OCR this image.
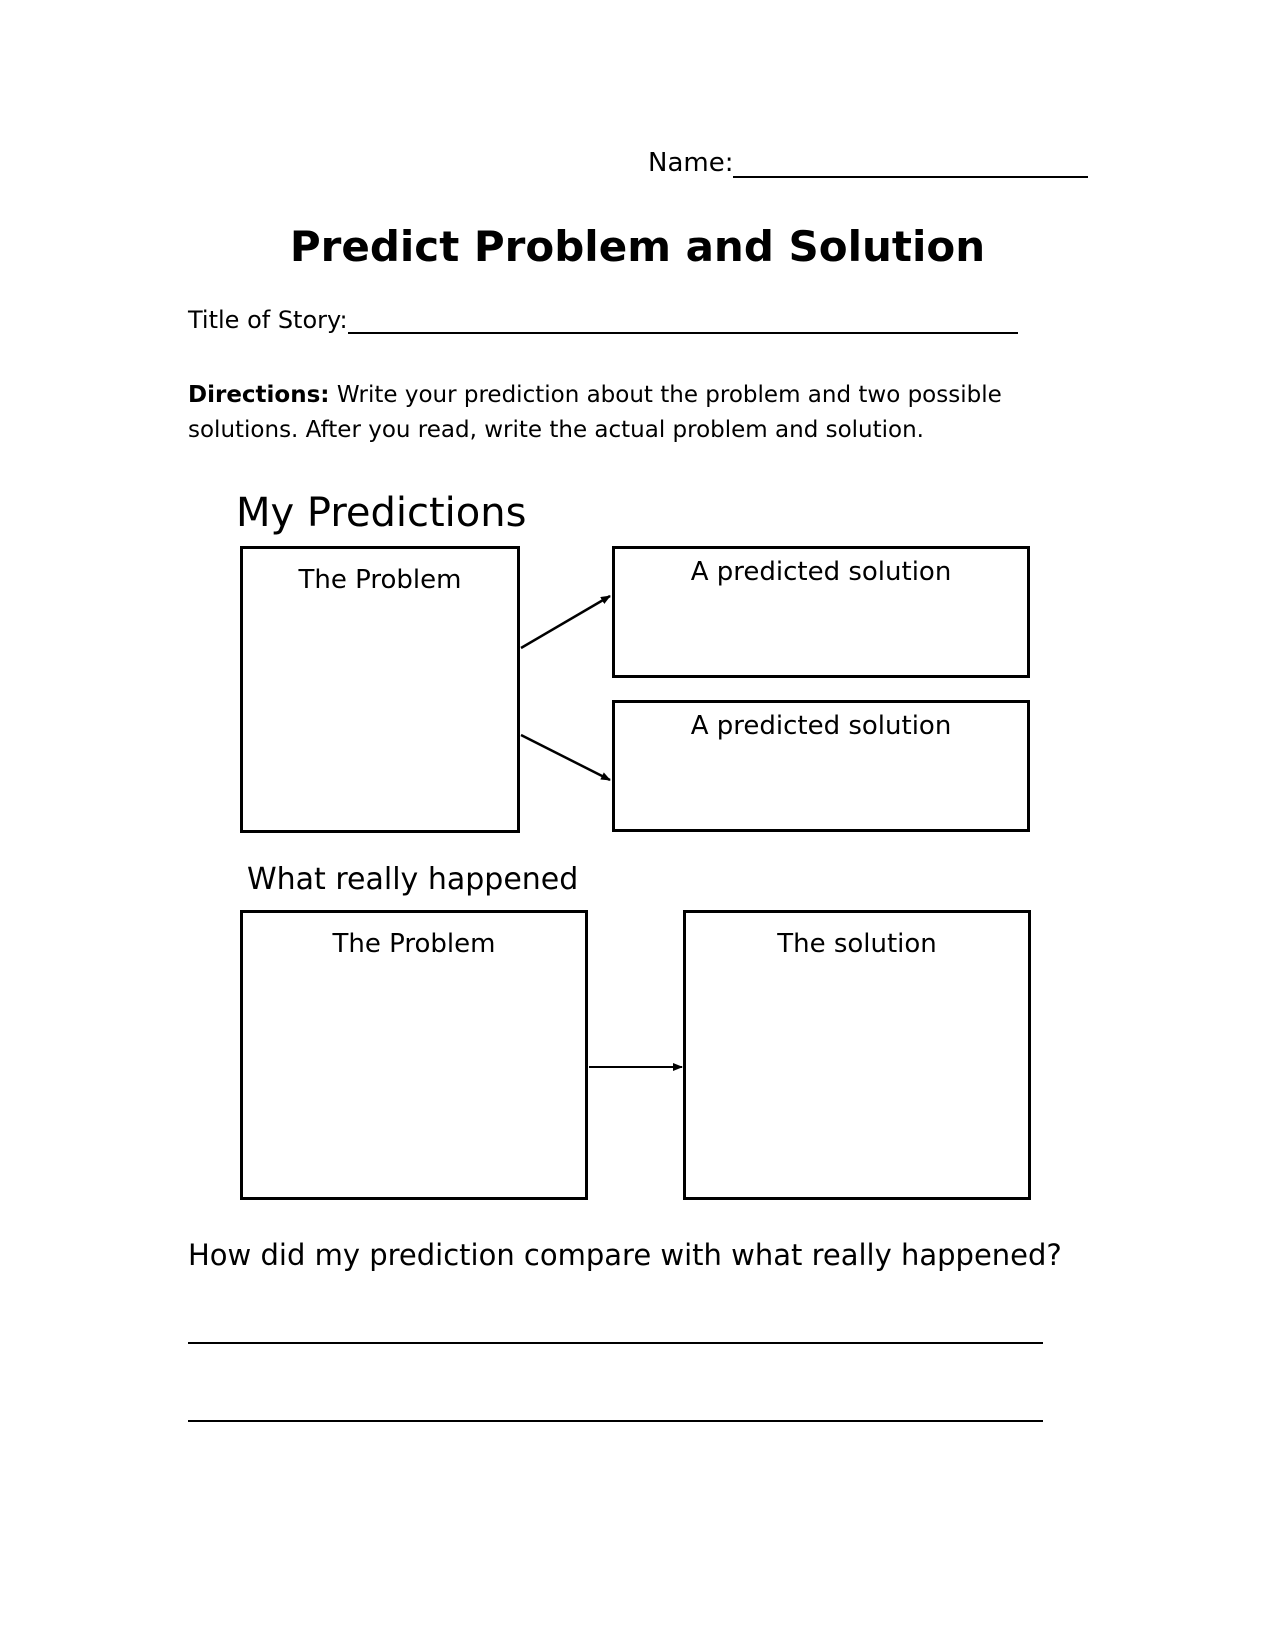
Name:
Predict Problem and Solution
Title of Story:
Directions: Write your prediction about the problem and two possible solutions. After you read, write the actual problem and solution.
My Predictions
The Problem	A predicted solution
A predicted solution
What really happened
The Problem	The solution
How did my prediction compare with what really happened?
